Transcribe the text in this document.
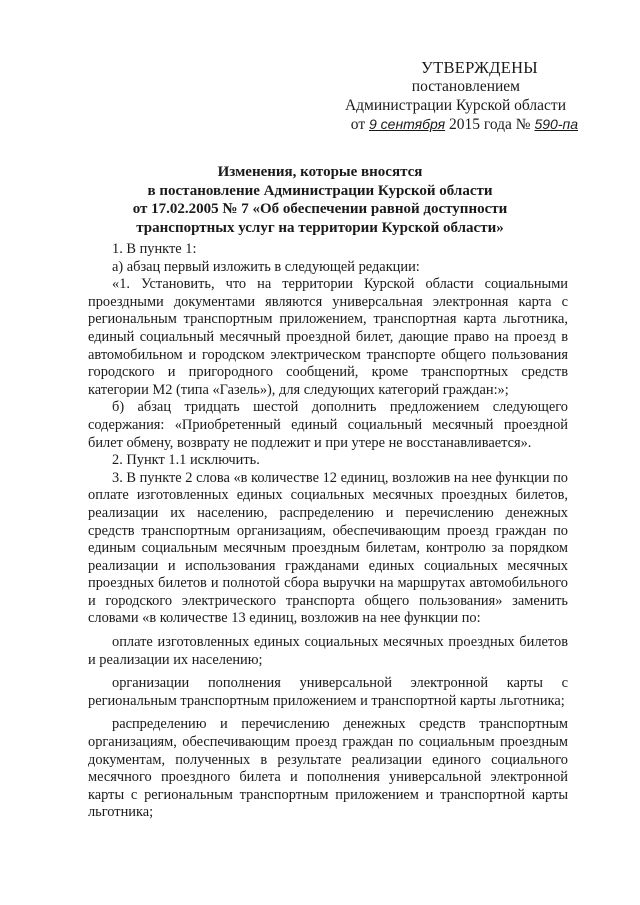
УТВЕРЖДЕНЫ
постановлением
Администрации Курской области
от 9 сентября 2015 года № 590-па
Изменения, которые вносятся
в постановление Администрации Курской области
от 17.02.2005 № 7 «Об обеспечении равной доступности
транспортных услуг на территории Курской области»

1. В пункте 1:

а) абзац первый изложить в следующей редакции:

«1. Установить, что на территории Курской области социальными проездными документами являются универсальная электронная карта с региональным транспортным приложением, транспортная карта льготника, единый социальный месячный проездной билет, дающие право на проезд в автомобильном и городском электрическом транспорте общего пользования городского и пригородного сообщений, кроме транспортных средств категории М2 (типа «Газель»), для следующих категорий граждан:»;

б) абзац тридцать шестой дополнить предложением следующего содержания: «Приобретенный единый социальный месячный проездной билет обмену, возврату не подлежит и при утере не восстанавливается».

2. Пункт 1.1 исключить.

3. В пункте 2 слова «в количестве 12 единиц, возложив на нее функции по оплате изготовленных единых социальных месячных проездных билетов, реализации их населению, распределению и перечислению денежных средств транспортным организациям, обеспечивающим проезд граждан по единым социальным месячным проездным билетам, контролю за порядком реализации и использования гражданами единых социальных месячных проездных билетов и полнотой сбора выручки на маршрутах автомобильного и городского электрического транспорта общего пользования» заменить словами «в количестве 13 единиц, возложив на нее функции по:

оплате изготовленных единых социальных месячных проездных билетов и реализации их населению;

организации пополнения универсальной электронной карты с региональным транспортным приложением и транспортной карты льготника;

распределению и перечислению денежных средств транспортным организациям, обеспечивающим проезд граждан по социальным проездным документам, полученных в результате реализации единого социального месячного проездного билета и пополнения универсальной электронной карты с региональным транспортным приложением и транспортной карты льготника;
